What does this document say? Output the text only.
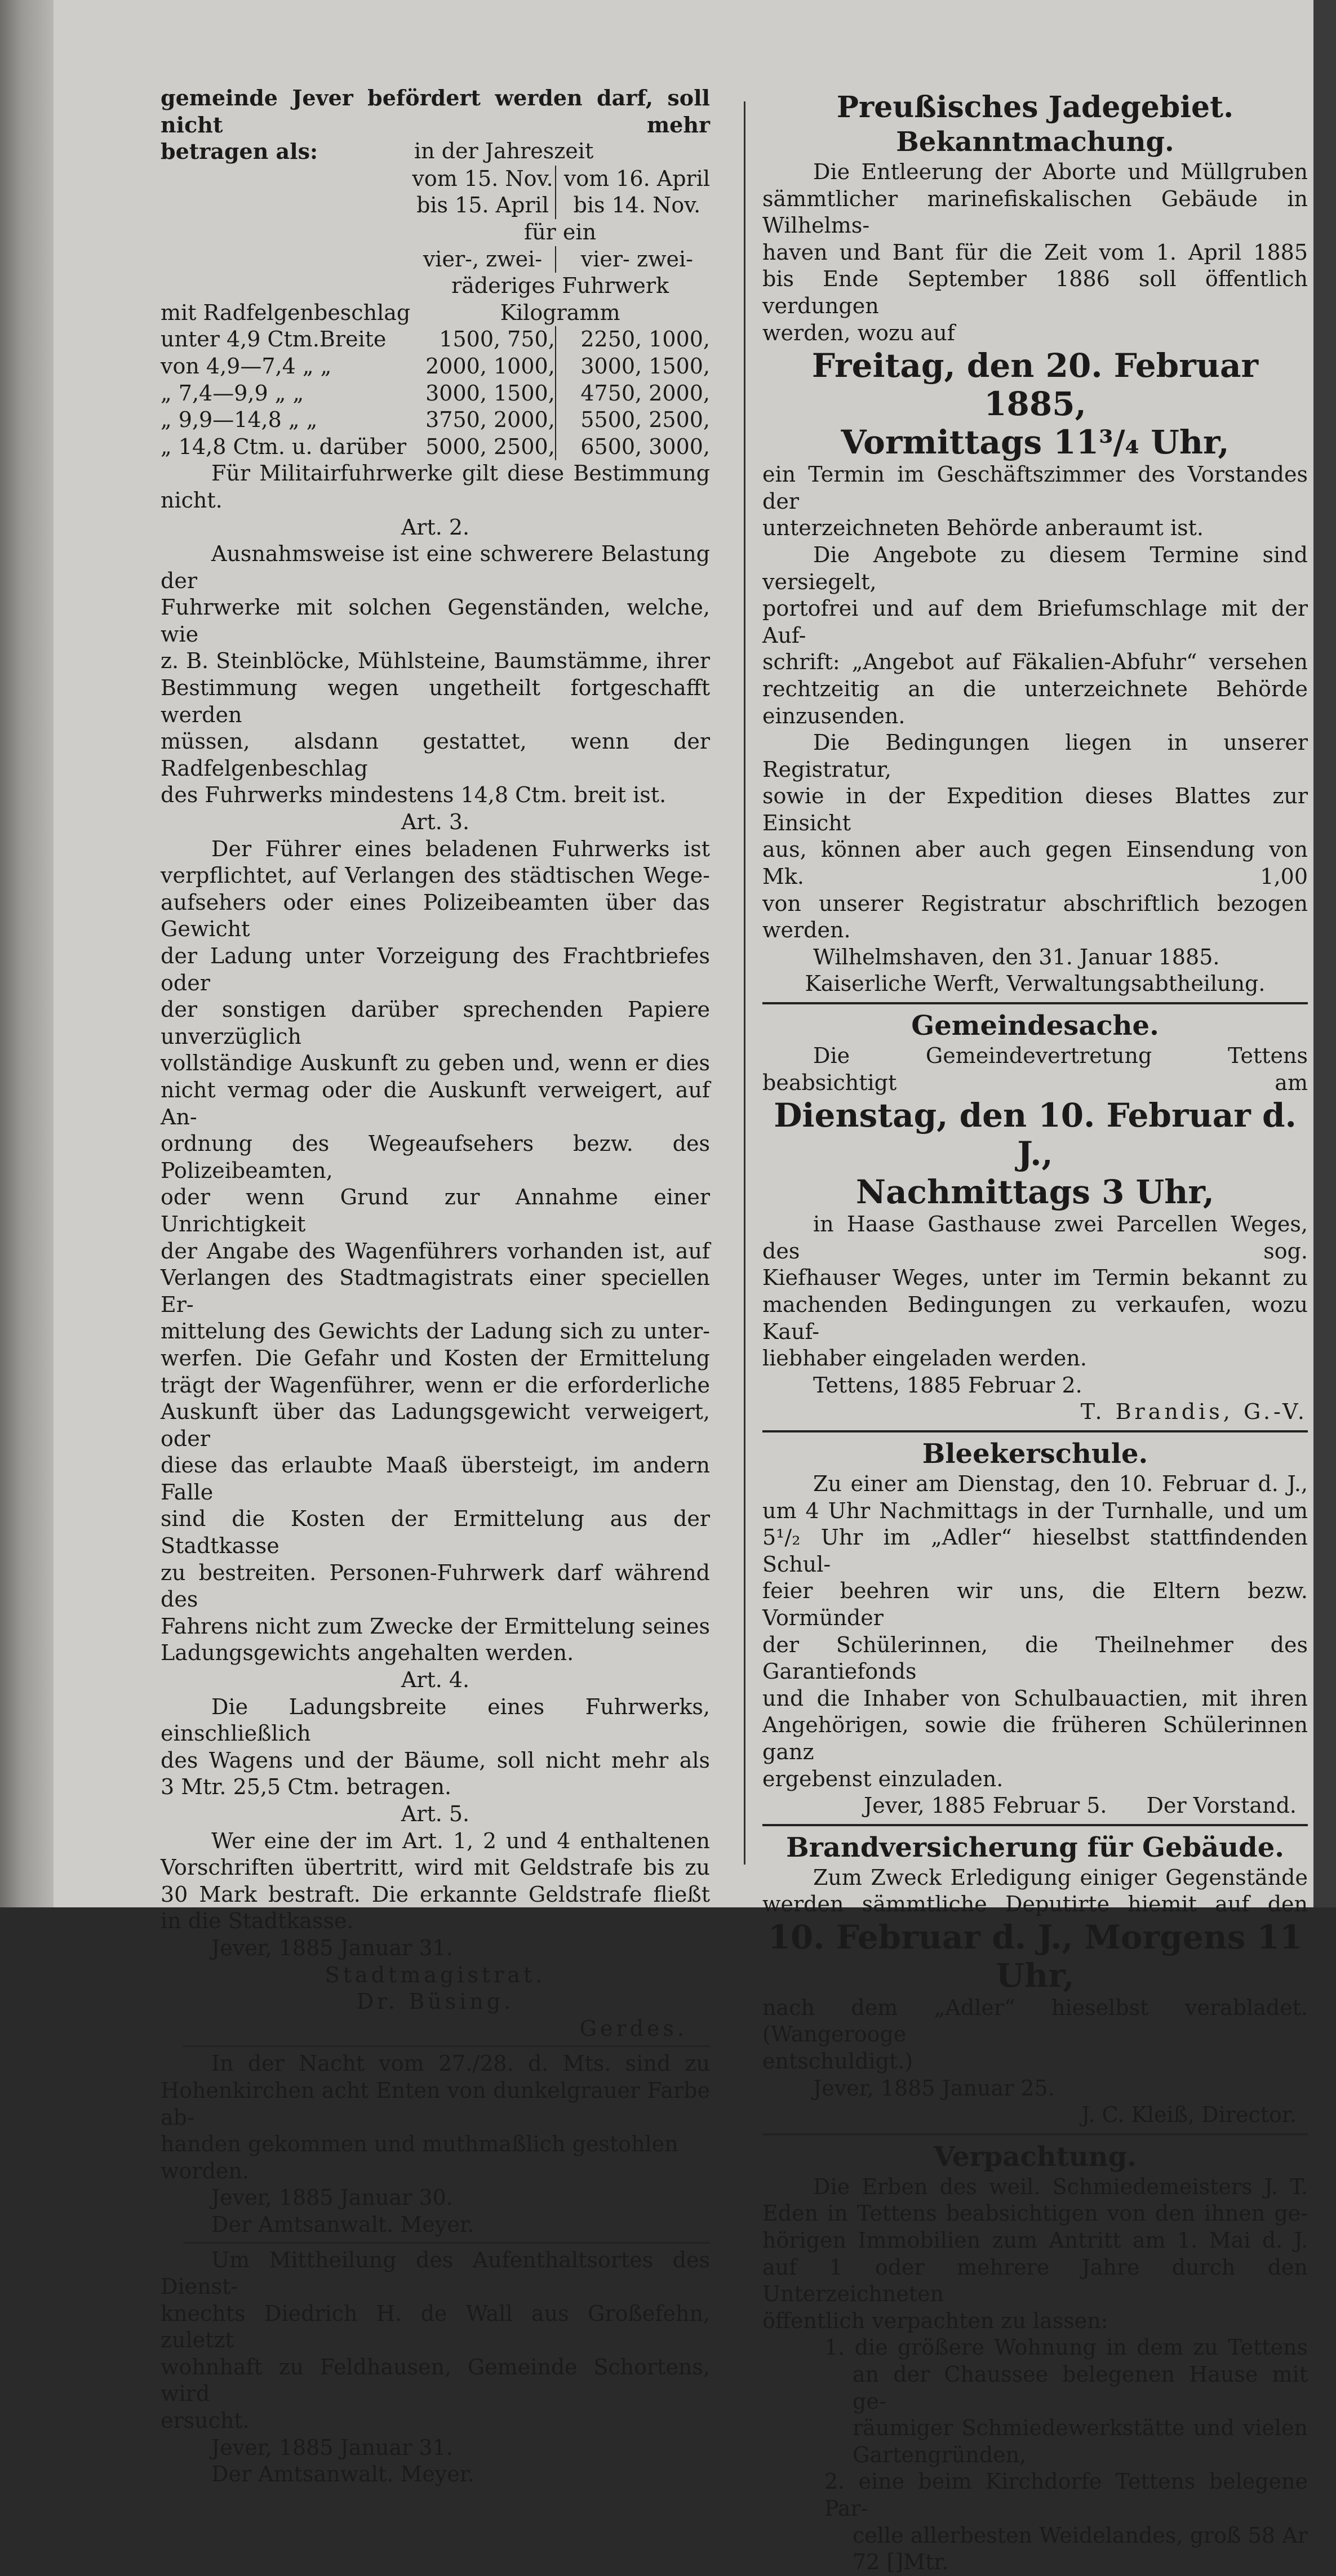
gemeinde Jever befördert werden darf, soll nicht mehr
betragen als:	in der Jahreszeit
	vom 15. Nov.	vom 16. April
	bis 15. April	bis 14. Nov.
	für ein	
	vier-, zwei-	vier- zwei-
	räderiges Fuhrwerk	
mit Radfelgenbeschlag	Kilogramm	
unter 4,9 Ctm.Breite	1500, 750,	2250, 1000,
von 4,9—7,4 „ „	2000, 1000,	3000, 1500,
„ 7,4—9,9 „ „	3000, 1500,	4750, 2000,
„ 9,9—14,8 „ „	3750, 2000,	5500, 2500,
„ 14,8 Ctm. u. darüber	5000, 2500,	6500, 3000,
Für Militairfuhrwerke gilt diese Bestimmung
nicht.
Art. 2.
Ausnahmsweise ist eine schwerere Belastung der
Fuhrwerke mit solchen Gegenständen, welche, wie
z. B. Steinblöcke, Mühlsteine, Baumstämme, ihrer
Bestimmung wegen ungetheilt fortgeschafft werden
müssen, alsdann gestattet, wenn der Radfelgenbeschlag
des Fuhrwerks mindestens 14,8 Ctm. breit ist.
Art. 3.
Der Führer eines beladenen Fuhrwerks ist
verpflichtet, auf Verlangen des städtischen Wege-
aufsehers oder eines Polizeibeamten über das Gewicht
der Ladung unter Vorzeigung des Frachtbriefes oder
der sonstigen darüber sprechenden Papiere unverzüglich
vollständige Auskunft zu geben und, wenn er dies
nicht vermag oder die Auskunft verweigert, auf An-
ordnung des Wegeaufsehers bezw. des Polizeibeamten,
oder wenn Grund zur Annahme einer Unrichtigkeit
der Angabe des Wagenführers vorhanden ist, auf
Verlangen des Stadtmagistrats einer speciellen Er-
mittelung des Gewichts der Ladung sich zu unter-
werfen. Die Gefahr und Kosten der Ermittelung
trägt der Wagenführer, wenn er die erforderliche
Auskunft über das Ladungsgewicht verweigert, oder
diese das erlaubte Maaß übersteigt, im andern Falle
sind die Kosten der Ermittelung aus der Stadtkasse
zu bestreiten. Personen-Fuhrwerk darf während des
Fahrens nicht zum Zwecke der Ermittelung seines
Ladungsgewichts angehalten werden.
Art. 4.
Die Ladungsbreite eines Fuhrwerks, einschließlich
des Wagens und der Bäume, soll nicht mehr als
3 Mtr. 25,5 Ctm. betragen.
Art. 5.
Wer eine der im Art. 1, 2 und 4 enthaltenen
Vorschriften übertritt, wird mit Geldstrafe bis zu
30 Mark bestraft. Die erkannte Geldstrafe fließt
in die Stadtkasse.
Jever, 1885 Januar 31.
Stadtmagistrat.
Dr. Büsing.
Gerdes.
In der Nacht vom 27./28. d. Mts. sind zu
Hohenkirchen acht Enten von dunkelgrauer Farbe ab-
handen gekommen und muthmaßlich gestohlen worden.
Jever, 1885 Januar 30.
Der Amtsanwalt. Meyer.
Um Mittheilung des Aufenthaltsortes des Dienst-
knechts Diedrich H. de Wall aus Großefehn, zuletzt
wohnhaft zu Feldhausen, Gemeinde Schortens, wird
ersucht.
Jever, 1885 Januar 31.
Der Amtsanwalt. Meyer.
Preußisches Jadegebiet.
Bekanntmachung.
Die Entleerung der Aborte und Müllgruben
sämmtlicher marinefiskalischen Gebäude in Wilhelms-
haven und Bant für die Zeit vom 1. April 1885
bis Ende September 1886 soll öffentlich verdungen
werden, wozu auf
Freitag, den 20. Februar 1885,
Vormittags 11³/₄ Uhr,
ein Termin im Geschäftszimmer des Vorstandes der
unterzeichneten Behörde anberaumt ist.
Die Angebote zu diesem Termine sind versiegelt,
portofrei und auf dem Briefumschlage mit der Auf-
schrift: „Angebot auf Fäkalien-Abfuhr“ versehen
rechtzeitig an die unterzeichnete Behörde einzusenden.
Die Bedingungen liegen in unserer Registratur,
sowie in der Expedition dieses Blattes zur Einsicht
aus, können aber auch gegen Einsendung von Mk. 1,00
von unserer Registratur abschriftlich bezogen werden.
Wilhelmshaven, den 31. Januar 1885.
Kaiserliche Werft, Verwaltungsabtheilung.
Gemeindesache.
Die Gemeindevertretung Tettens beabsichtigt am
Dienstag, den 10. Februar d. J.,
Nachmittags 3 Uhr,
in Haase Gasthause zwei Parcellen Weges, des sog.
Kiefhauser Weges, unter im Termin bekannt zu
machenden Bedingungen zu verkaufen, wozu Kauf-
liebhaber eingeladen werden.
Tettens, 1885 Februar 2.
T. Brandis, G.-V.
Bleekerschule.
Zu einer am Dienstag, den 10. Februar d. J.,
um 4 Uhr Nachmittags in der Turnhalle, und um
5¹/₂ Uhr im „Adler“ hieselbst stattfindenden Schul-
feier beehren wir uns, die Eltern bezw. Vormünder
der Schülerinnen, die Theilnehmer des Garantiefonds
und die Inhaber von Schulbauactien, mit ihren
Angehörigen, sowie die früheren Schülerinnen ganz
ergebenst einzuladen.
Jever, 1885 Februar 5. Der Vorstand.
Brandversicherung für Gebäude.
Zum Zweck Erledigung einiger Gegenstände
werden sämmtliche Deputirte hiemit auf den
10. Februar d. J., Morgens 11 Uhr,
nach dem „Adler“ hieselbst verabladet. (Wangerooge
entschuldigt.)
Jever, 1885 Januar 25.
J. C. Kleiß, Director.
Verpachtung.
Die Erben des weil. Schmiedemeisters J. T.
Eden in Tettens beabsichtigen von den ihnen ge-
hörigen Immobilien zum Antritt am 1. Mai d. J.
auf 1 oder mehrere Jahre durch den Unterzeichneten
öffentlich verpachten zu lassen:
1. die größere Wohnung in dem zu Tettens
an der Chaussee belegenen Hause mit ge-
räumiger Schmiedewerkstätte und vielen
Gartengründen,
2. eine beim Kirchdorfe Tettens belegene Par-
celle allerbesten Weidelandes, groß 58 Ar
72 []Mtr.
